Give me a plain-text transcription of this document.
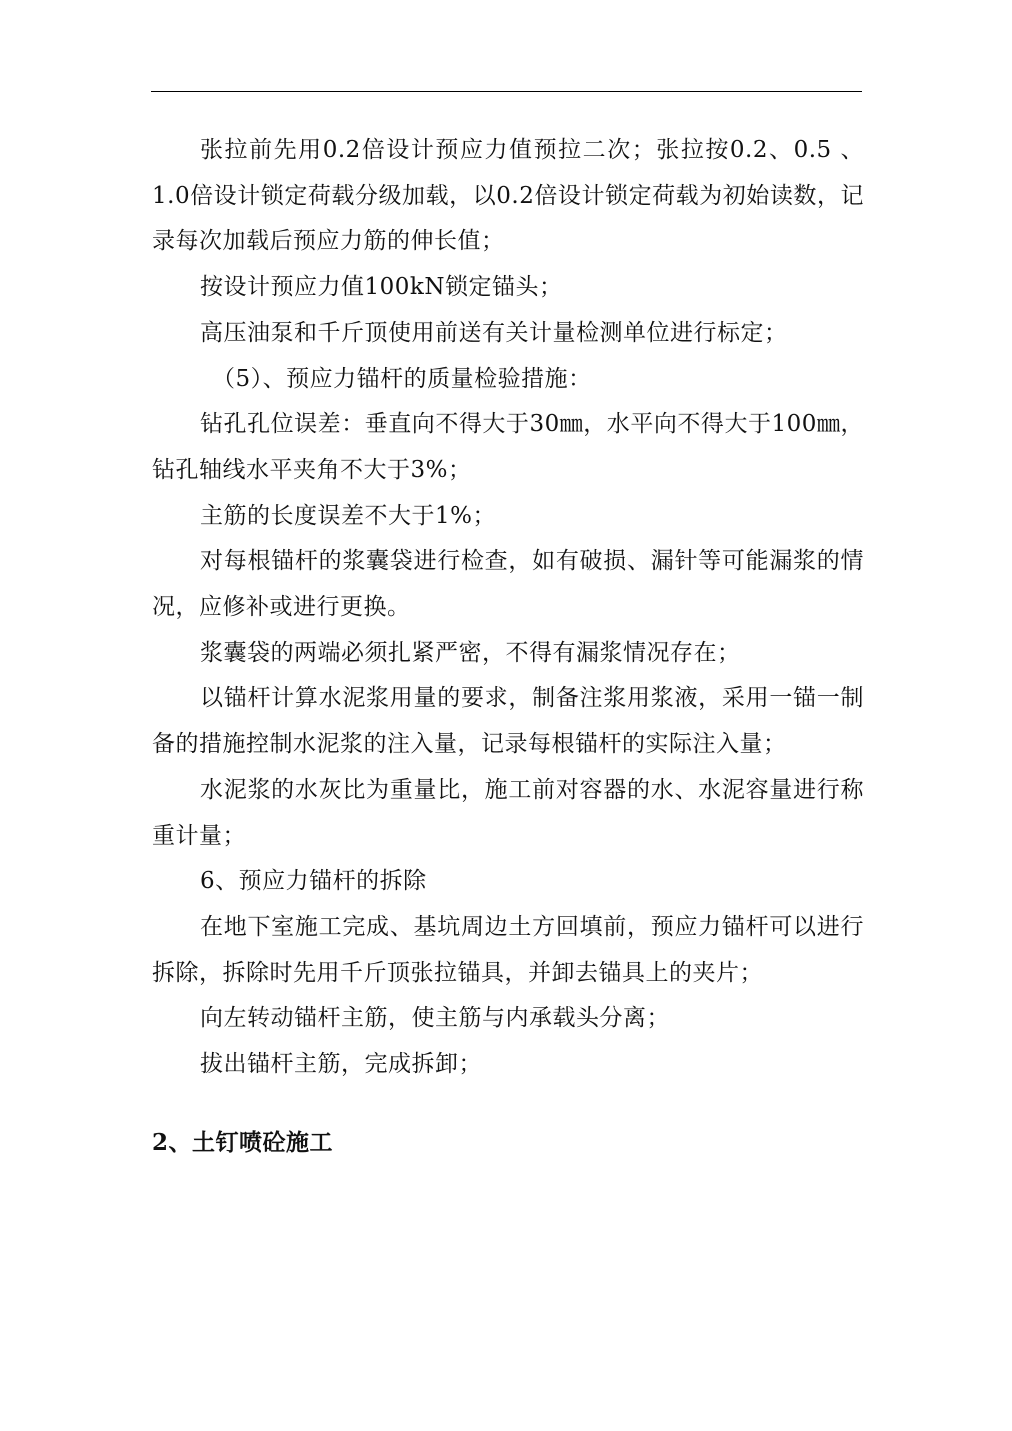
张拉前先用0.2倍设计预应力值预拉二次；张拉按0.2、0.5 、1.0倍设计锁定荷载分级加载，以0.2倍设计锁定荷载为初始读数，记录每次加载后预应力筋的伸长值；

按设计预应力值100kN锁定锚头；

高压油泵和千斤顶使用前送有关计量检测单位进行标定；

（5）、预应力锚杆的质量检验措施：

钻孔孔位误差：垂直向不得大于30㎜，水平向不得大于100㎜，钻孔轴线水平夹角不大于3%；

主筋的长度误差不大于1%；

对每根锚杆的浆囊袋进行检查，如有破损、漏针等可能漏浆的情况，应修补或进行更换。

浆囊袋的两端必须扎紧严密，不得有漏浆情况存在；

以锚杆计算水泥浆用量的要求，制备注浆用浆液，采用一锚一制备的措施控制水泥浆的注入量，记录每根锚杆的实际注入量；

水泥浆的水灰比为重量比，施工前对容器的水、水泥容量进行称重计量；

6、预应力锚杆的拆除

在地下室施工完成、基坑周边土方回填前，预应力锚杆可以进行拆除，拆除时先用千斤顶张拉锚具，并卸去锚具上的夹片；

向左转动锚杆主筋，使主筋与内承载头分离；

拔出锚杆主筋，完成拆卸；

2、土钉喷砼施工
